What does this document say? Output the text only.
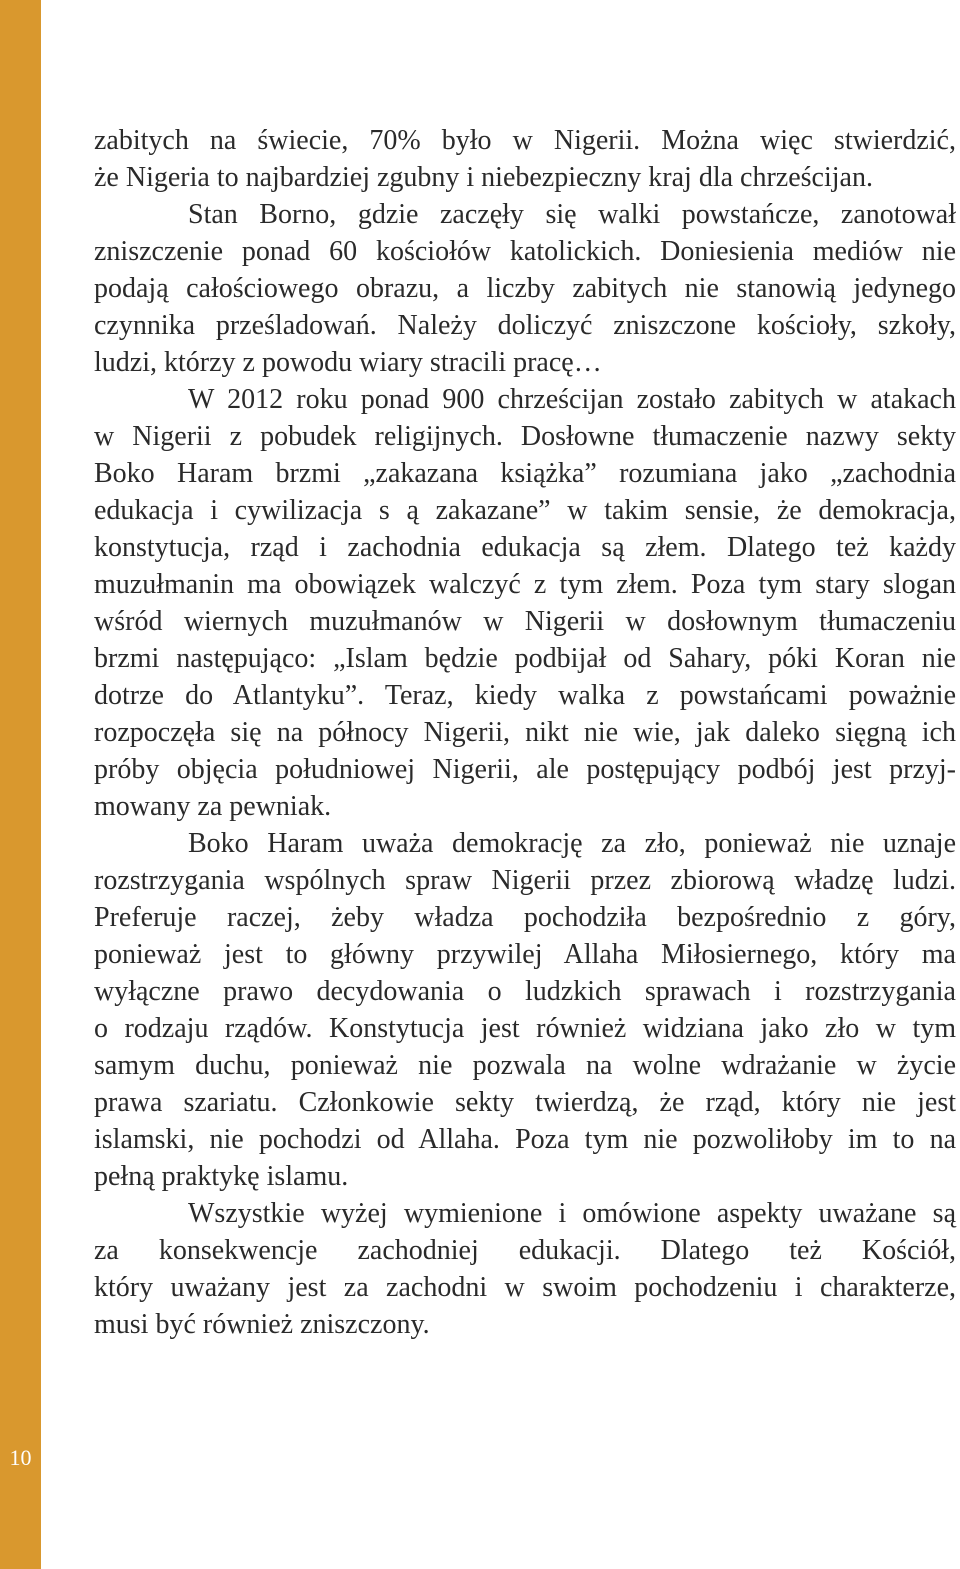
10
zabitych na świecie, 70% było w Nigerii. Można więc stwierdzić,
że Nigeria to najbardziej zgubny i niebezpieczny kraj dla chrześcijan.
Stan Borno, gdzie zaczęły się walki powstańcze, zanotował
zniszczenie ponad 60 kościołów katolickich. Doniesienia mediów nie
podają całościowego obrazu, a liczby zabitych nie stanowią jedynego
czynnika prześladowań. Należy doliczyć zniszczone kościoły, szkoły,
ludzi, którzy z powodu wiary stracili pracę…
W 2012 roku ponad 900 chrześcijan zostało zabitych w atakach
w Nigerii z pobudek religijnych. Dosłowne tłumaczenie nazwy sekty
Boko Haram brzmi „zakazana książka” rozumiana jako „zachodnia
edukacja i cywilizacja s ą zakazane” w takim sensie, że demokracja,
konstytucja, rząd i zachodnia edukacja są złem. Dlatego też każdy
muzułmanin ma obowiązek walczyć z tym złem. Poza tym stary slogan
wśród wiernych muzułmanów w Nigerii w dosłownym tłumaczeniu
brzmi następująco: „Islam będzie podbijał od Sahary, póki Koran nie
dotrze do Atlantyku”. Teraz, kiedy walka z powstańcami poważnie
rozpoczęła się na północy Nigerii, nikt nie wie, jak daleko sięgną ich
próby objęcia południowej Nigerii, ale postępujący podbój jest przyj-
mowany za pewniak.
Boko Haram uważa demokrację za zło, ponieważ nie uznaje
rozstrzygania wspólnych spraw Nigerii przez zbiorową władzę ludzi.
Preferuje raczej, żeby władza pochodziła bezpośrednio z góry,
ponieważ jest to główny przywilej Allaha Miłosiernego, który ma
wyłączne prawo decydowania o ludzkich sprawach i rozstrzygania
o rodzaju rządów. Konstytucja jest również widziana jako zło w tym
samym duchu, ponieważ nie pozwala na wolne wdrażanie w życie
prawa szariatu. Członkowie sekty twierdzą, że rząd, który nie jest
islamski, nie pochodzi od Allaha. Poza tym nie pozwoliłoby im to na
pełną praktykę islamu.
Wszystkie wyżej wymienione i omówione aspekty uważane są
za konsekwencje zachodniej edukacji. Dlatego też Kościół,
który uważany jest za zachodni w swoim pochodzeniu i charakterze,
musi być również zniszczony.
